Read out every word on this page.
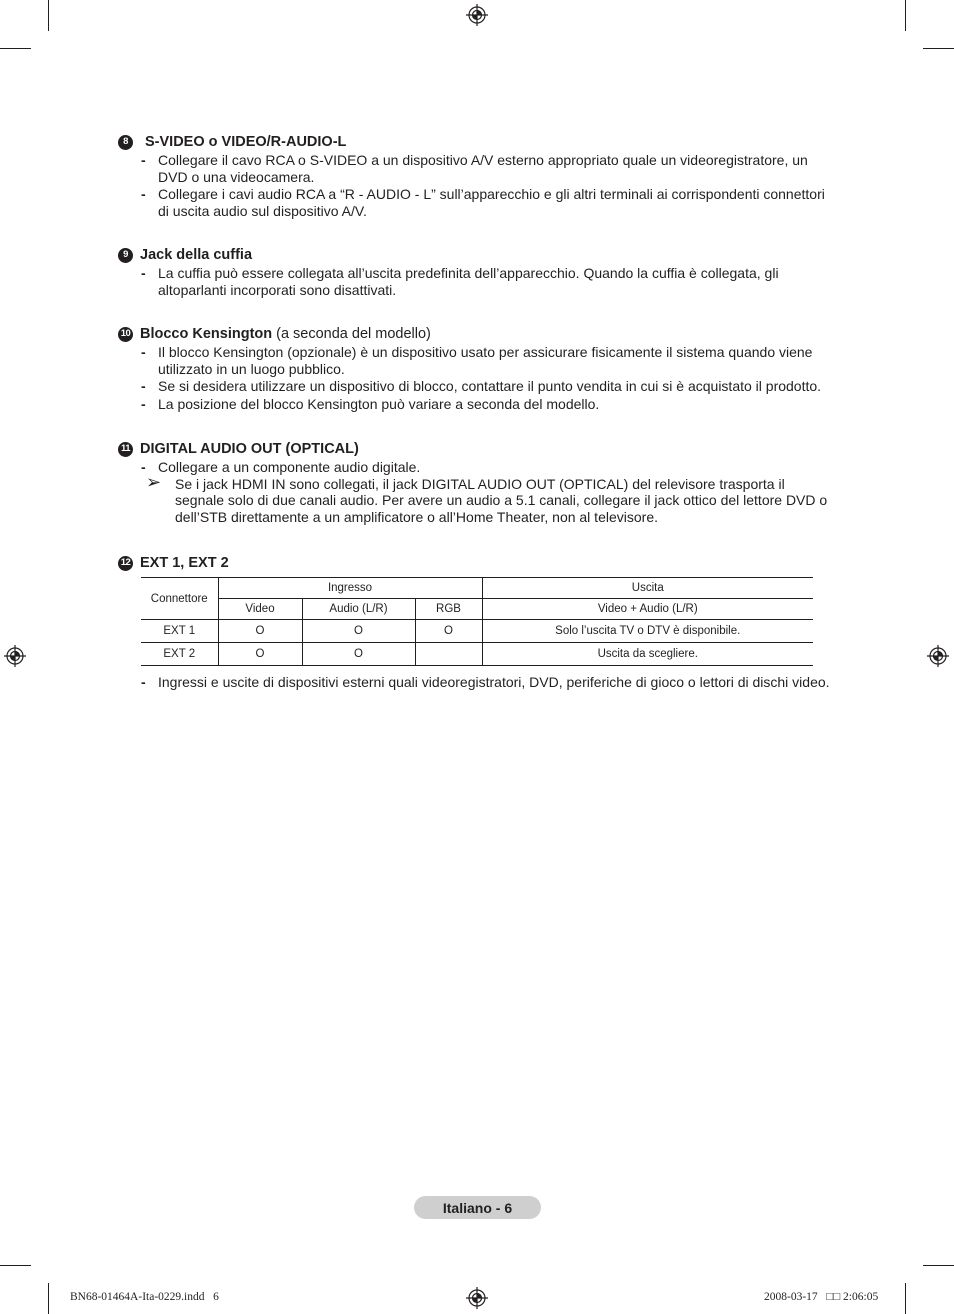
8	S-VIDEO o VIDEO/R-AUDIO-L
- Collegare il cavo RCA o S-VIDEO a un dispositivo A/V esterno appropriato quale un videoregistratore, un DVD o una videocamera.
- Collegare i cavi audio RCA a “R - AUDIO - L” sull’apparecchio e gli altri terminali ai corrispondenti connettori di uscita audio sul dispositivo A/V.
9 Jack della cuffia
- La cuffia può essere collegata all’uscita predefinita dell’apparecchio. Quando la cuffia è collegata, gli altoparlanti incorporati sono disattivati.
10 Blocco Kensington (a seconda del modello)
- Il blocco Kensington (opzionale) è un dispositivo usato per assicurare fisicamente il sistema quando viene utilizzato in un luogo pubblico.
- Se si desidera utilizzare un dispositivo di blocco, contattare il punto vendita in cui si è acquistato il prodotto.
- La posizione del blocco Kensington può variare a seconda del modello.
11 DIGITAL AUDIO OUT (OPTICAL)
- Collegare a un componente audio digitale.
➢ Se i jack HDMI IN sono collegati, il jack DIGITAL AUDIO OUT (OPTICAL) del relevisore trasporta il segnale solo di due canali audio. Per avere un audio a 5.1 canali, collegare il jack ottico del lettore DVD o dell’STB direttamente a un amplificatore o all’Home Theater, non al televisore.
12 EXT 1, EXT 2
Connettore	Ingresso			Uscita
	Video	Audio (L/R)	RGB	Video + Audio (L/R)
EXT 1	O	O	O	Solo l’uscita TV o DTV è disponibile.
EXT 2	O	O		Uscita da scegliere.
- Ingressi e uscite di dispositivi esterni quali videoregistratori, DVD, periferiche di gioco o lettori di dischi video.
Italiano - 6
BN68-01464A-Ita-0229.indd   6	2008-03-17   □□ 2:06:05
